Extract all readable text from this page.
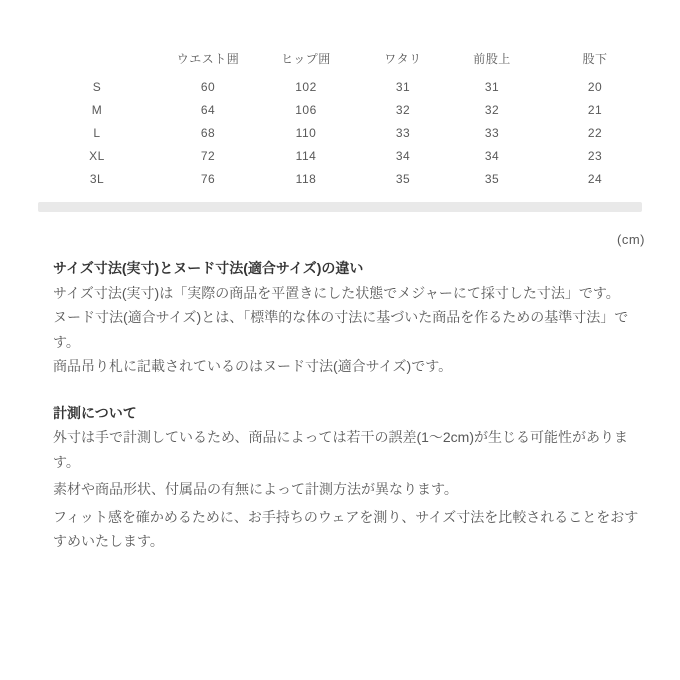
	ウエスト囲	ヒップ囲	ワタリ	前股上	股下
S	60	102	31	31	20
M	64	106	32	32	21
L	68	110	33	33	22
XL	72	114	34	34	23
3L	76	118	35	35	24
(cm)
サイズ寸法(実寸)とヌード寸法(適合サイズ)の違い

サイズ寸法(実寸)は「実際の商品を平置きにした状態でメジャーにて採寸した寸法」です。

ヌード寸法(適合サイズ)とは、「標準的な体の寸法に基づいた商品を作るための基準寸法」です。

商品吊り札に記載されているのはヌード寸法(適合サイズ)です。

計測について

外寸は手で計測しているため、商品によっては若干の誤差(1～2cm)が生じる可能性があります。

素材や商品形状、付属品の有無によって計測方法が異なります。

フィット感を確かめるために、お手持ちのウェアを測り、サイズ寸法を比較されることをおすすめいたします。
